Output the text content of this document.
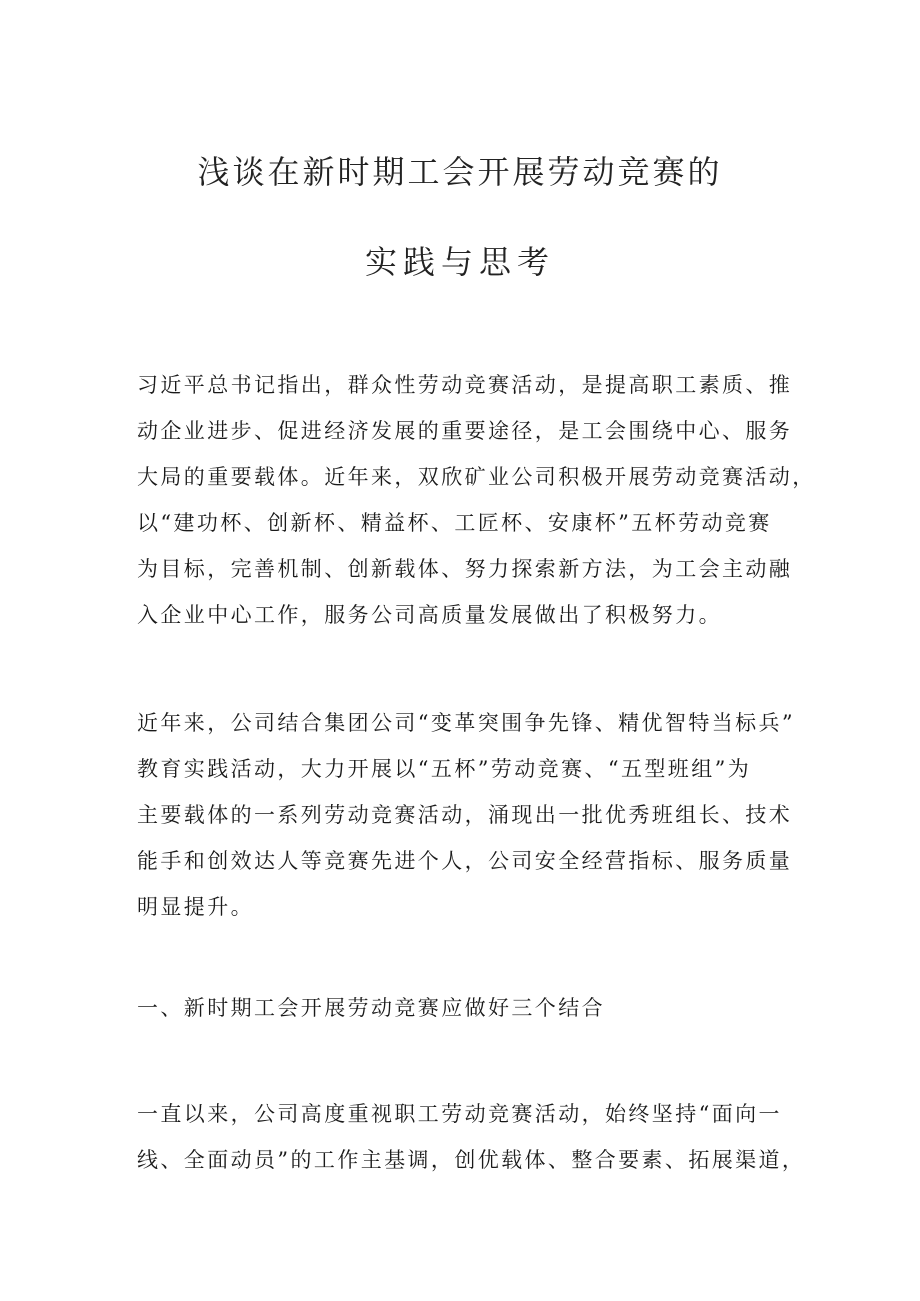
浅谈在新时期工会开展劳动竞赛的
实践与思考
习近平总书记指出，群众性劳动竞赛活动，是提高职工素质、推
动企业进步、促进经济发展的重要途径，是工会围绕中心、服务
大局的重要载体。近年来，双欣矿业公司积极开展劳动竞赛活动，
以“建功杯、创新杯、精益杯、工匠杯、安康杯”五杯劳动竞赛
为目标，完善机制、创新载体、努力探索新方法，为工会主动融
入企业中心工作，服务公司高质量发展做出了积极努力。
近年来，公司结合集团公司“变革突围争先锋、精优智特当标兵”
教育实践活动，大力开展以“五杯”劳动竞赛、“五型班组”为
主要载体的一系列劳动竞赛活动，涌现出一批优秀班组长、技术
能手和创效达人等竞赛先进个人，公司安全经营指标、服务质量
明显提升。
一、新时期工会开展劳动竞赛应做好三个结合
一直以来，公司高度重视职工劳动竞赛活动，始终坚持“面向一
线、全面动员”的工作主基调，创优载体、整合要素、拓展渠道，
